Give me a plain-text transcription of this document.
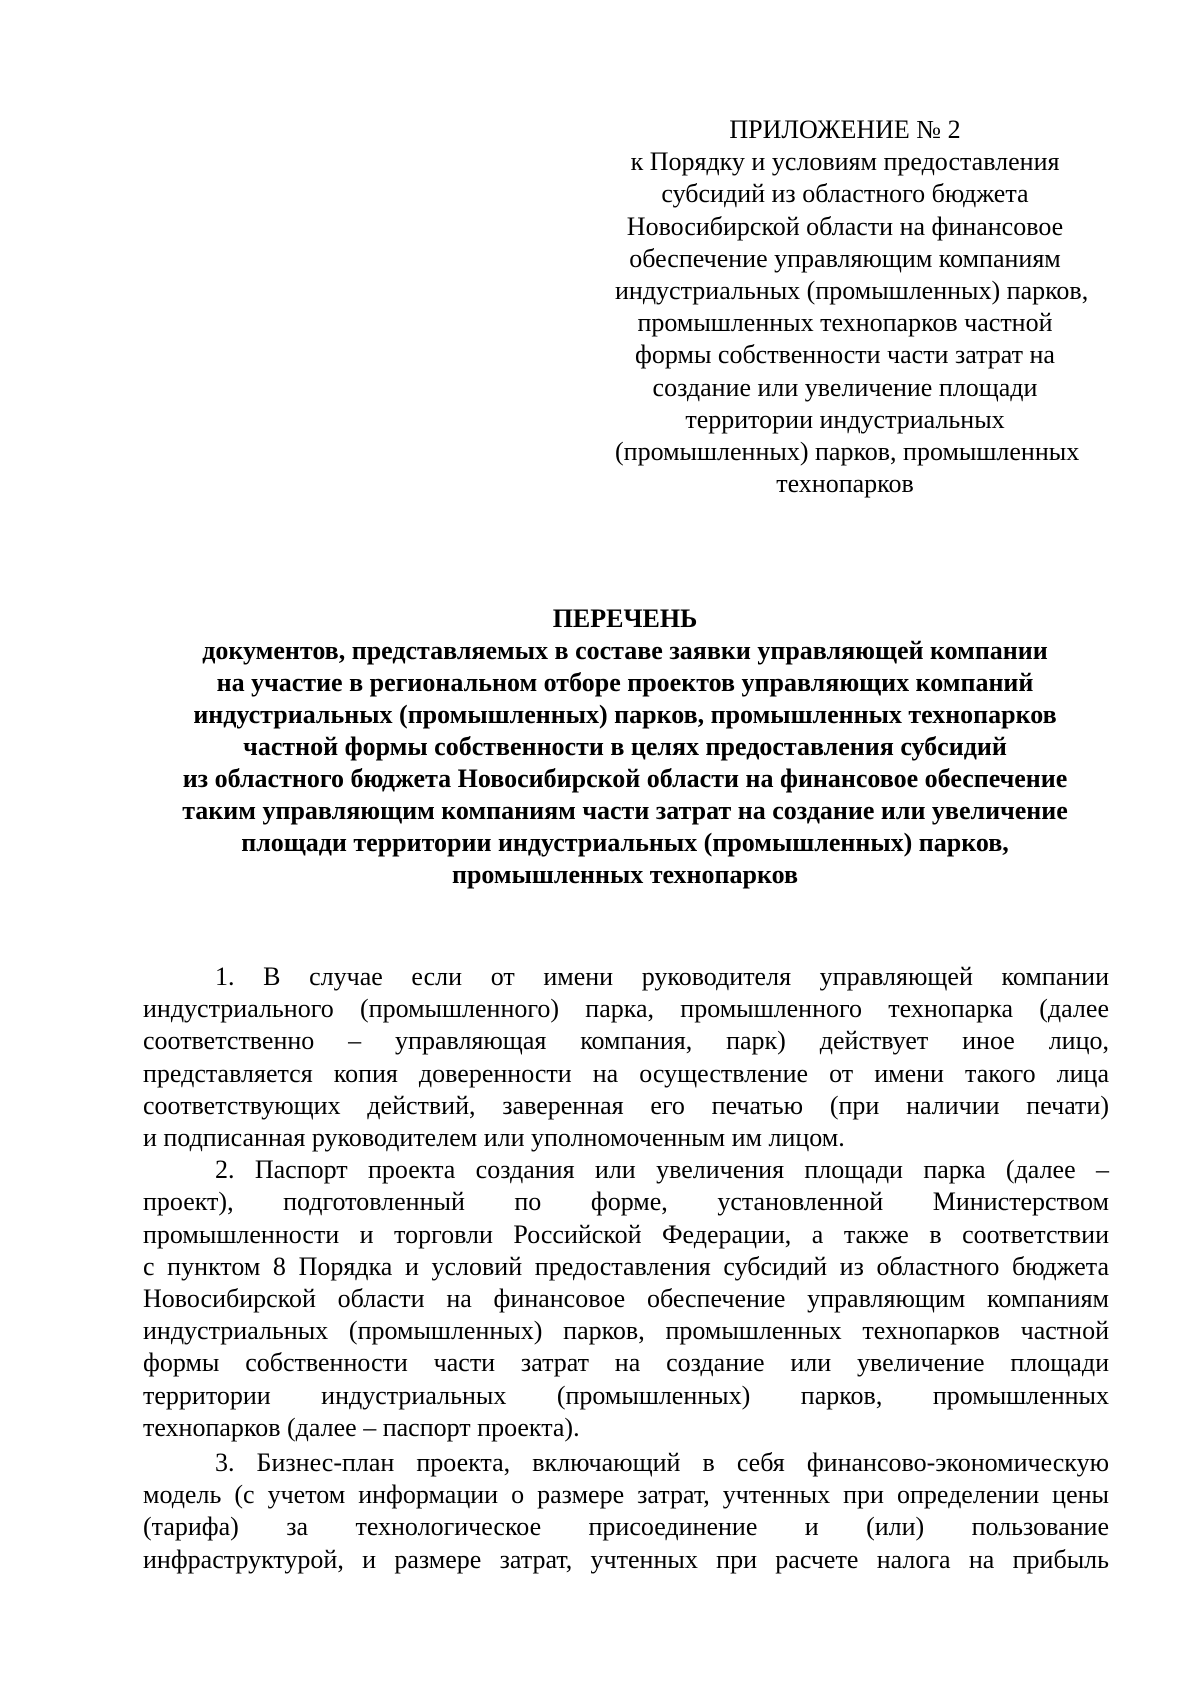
ПРИЛОЖЕНИЕ № 2
к Порядку и условиям предоставления
субсидий из областного бюджета
Новосибирской области на финансовое
обеспечение управляющим компаниям
индустриальных (промышленных) парков,
промышленных технопарков частной
формы собственности части затрат на
создание или увеличение площади
территории индустриальных
(промышленных) парков, промышленных
технопарков
ПЕРЕЧЕНЬ
документов, представляемых в составе заявки управляющей компании
на участие в региональном отборе проектов управляющих компаний
индустриальных (промышленных) парков, промышленных технопарков
частной формы собственности в целях предоставления субсидий
из областного бюджета Новосибирской области на финансовое обеспечение
таким управляющим компаниям части затрат на создание или увеличение
площади территории индустриальных (промышленных) парков,
промышленных технопарков
1. В случае если от имени руководителя управляющей компании
индустриального (промышленного) парка, промышленного технопарка (далее
соответственно – управляющая компания, парк) действует иное лицо,
представляется копия доверенности на осуществление от имени такого лица
соответствующих действий, заверенная его печатью (при наличии печати)
и подписанная руководителем или уполномоченным им лицом.
2. Паспорт проекта создания или увеличения площади парка (далее –
проект), подготовленный по форме, установленной Министерством
промышленности и торговли Российской Федерации, а также в соответствии
с пунктом 8 Порядка и условий предоставления субсидий из областного бюджета
Новосибирской области на финансовое обеспечение управляющим компаниям
индустриальных (промышленных) парков, промышленных технопарков частной
формы собственности части затрат на создание или увеличение площади
территории индустриальных (промышленных) парков, промышленных
технопарков (далее – паспорт проекта).
3. Бизнес-план проекта, включающий в себя финансово-экономическую
модель (с учетом информации о размере затрат, учтенных при определении цены
(тарифа) за технологическое присоединение и (или) пользование
инфраструктурой, и размере затрат, учтенных при расчете налога на прибыль
